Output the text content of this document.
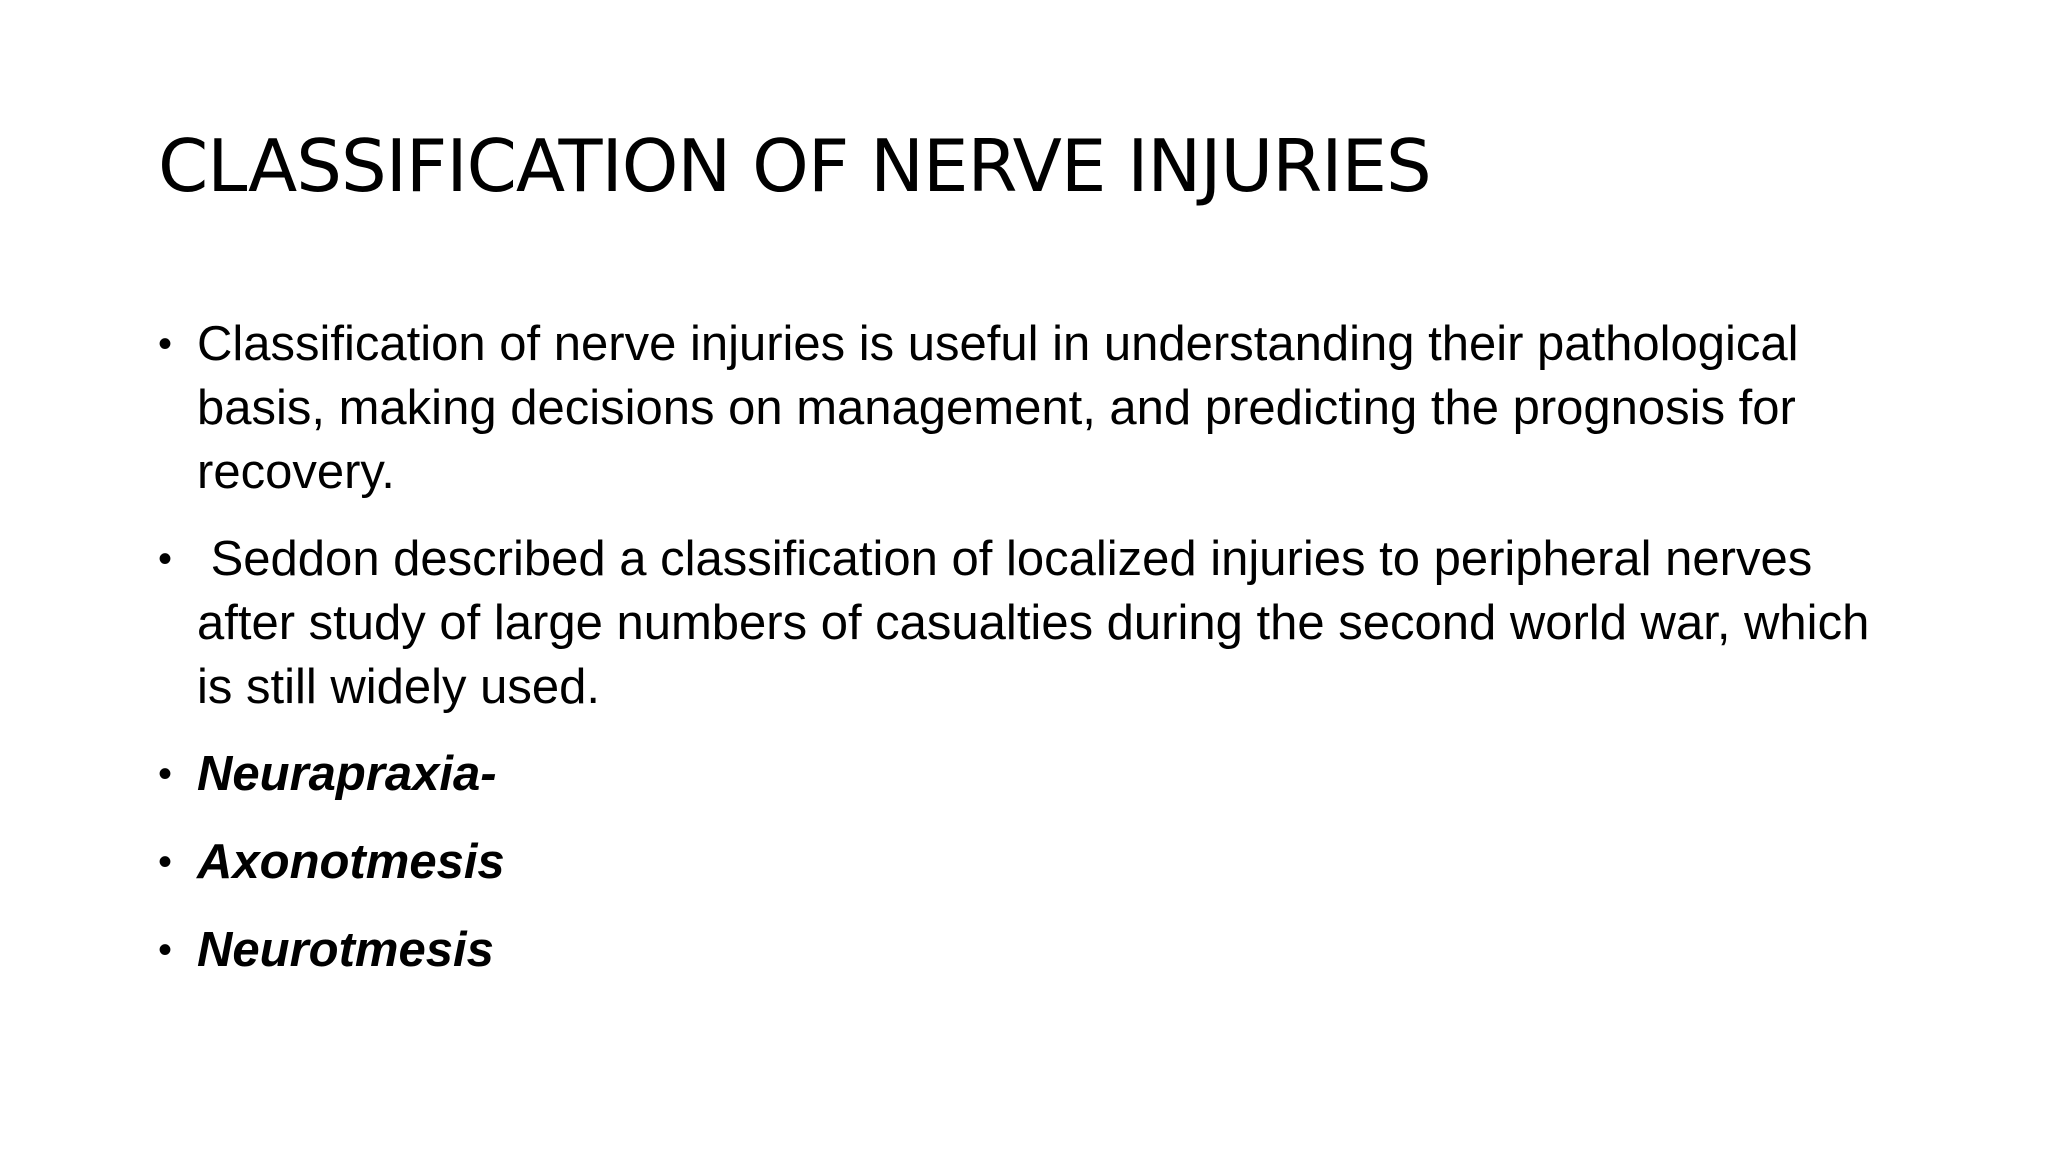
CLASSIFICATION OF NERVE INJURIES
• Classification of nerve injuries is useful in understanding their pathological basis, making decisions on management, and predicting the prognosis for recovery.
• Seddon described a classification of localized injuries to peripheral nerves after study of large numbers of casualties during the second world war, which is still widely used.
• Neurapraxia-
• Axonotmesis
• Neurotmesis
